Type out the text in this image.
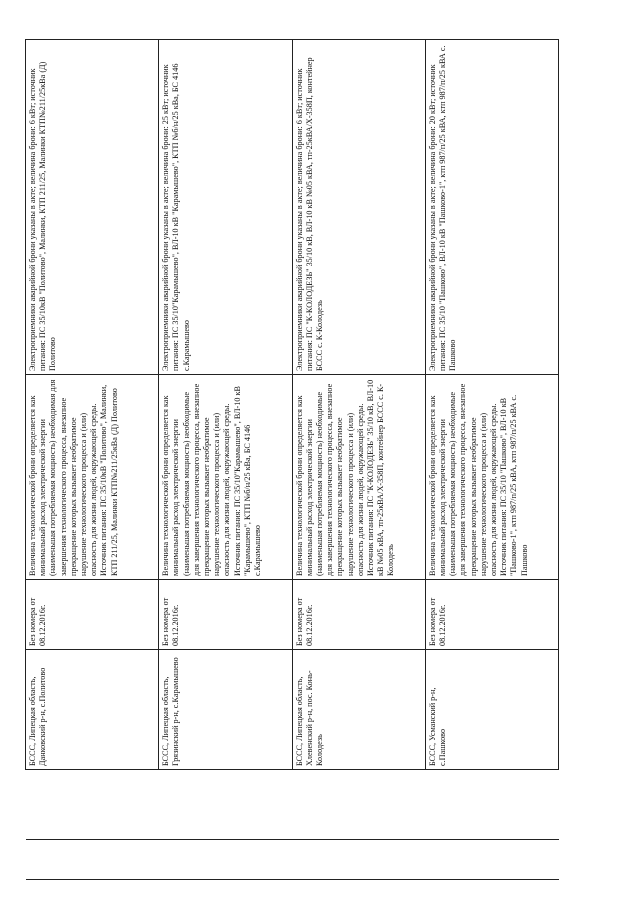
		БССС, Липецкая область, Данковский р-н, с.Политово	Без номера от 08.12.2016г.	Величина технологической брони определяется как минимальный расход электрической энергии (наименьшая потребляемая мощность) необходимая для завершения технологического процесса, внезапное прекращение которых вызывает необратимое нарушение технологического процесса и (или) опасность для жизни людей, окружающей среды. Источник питания: ПС 35/10кВ "Политово", Малинки, КТП 211/25, Малинки КТП№211/25кВа (Д) Политово	Электроприемники аварийной брони указаны в акте; величина брони: 6 кВт; источник питания: ПС 35/10кВ "Политово", Малинки, КТП 211/25, Малинки КТП№211/25кВа (Д) Политово
		БССС, Липецкая область, Грязинский р-н, с.Карамышево	Без номера от 08.12.2016г.	Величина технологической брони определяется как минимальный расход электрической энергии (наименьшая потребляемая мощность) необходимые для завершения технологического процесса, внезапное прекращение которых вызывает необратимое нарушение технологического процесса и (или) опасность для жизни людей, окружающей среды. Источник питания: ПС 35/10"Карамышево", ВЛ-10 кВ "Карамышево", КТП №б/н/25 кВа, БС 4146 с.Карамышево	Электроприемники аварийной брони указаны в акте; величина брони: 25 кВт; источник питания: ПС 35/10"Карамышево", ВЛ-10 кВ "Карамышево", КТП №б/н/25 кВа, БС 4146 с.Карамышево
		БССС, Липецкая область, Хлевенский р-н, пос. Конь-Колодезь	Без номера от 08.12.2016г.	Величина технологической брони определяется как минимальный расход электрической энергии (наименьшая потребляемая мощность) необходимые для завершения технологического процесса, внезапное прекращение которых вызывает необратимое нарушение технологического процесса и (или) опасность для жизни людей, окружающей среды. Источник питания: ПС "К-КОЛОДЕЗЬ" 35/10 кВ, ВЛ-10 кВ №05 кВА, тп-25кВА/Х-358П, контейнер БССС с. К-Колодезь	Электроприемники аварийной брони указаны в акте; величина брони: 6 кВт; источник питания: ПС "К-КОЛОДЕЗЬ" 35/10 кВ, ВЛ-10 кВ №05 кВА, тп-25кВА/Х-358П, контейнер БССС с. К-Колодезь
		БССС, Усманский р-н, с.Пашково	Без номера от 08.12.2016г.	Величина технологической брони определяется как минимальный расход электрической энергии (наименьшая потребляемая мощность) необходимые для завершения технологического процесса, внезапное прекращение которых вызывает необратимое нарушение технологического процесса и (или) опасность для жизни людей, окружающей среды. Источник питания: ПС 35/10 "Пашково", ВЛ-10 кВ "Пашково-1", ктп 987/п/25 кВА, ктп 987/п/25 кВА с. Пашково	Электроприемники аварийной брони указаны в акте; величина брони: 20 кВт; источник питания: ПС 35/10 "Пашково", ВЛ-10 кВ "Пашково-1", ктп 987/п/25 кВА, ктп 987/п/25 кВА с. Пашково
